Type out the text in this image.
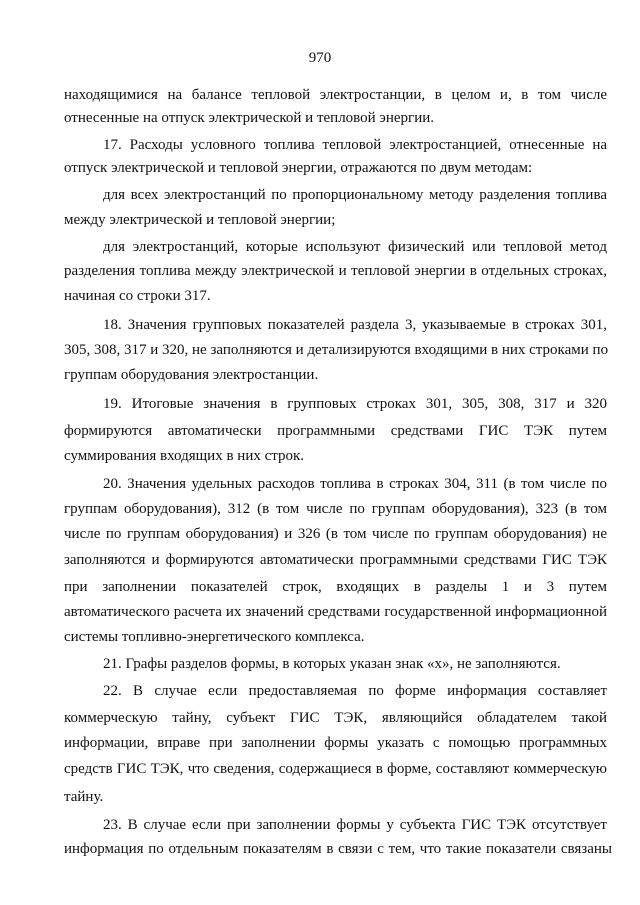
970

находящимися на балансе тепловой электростанции, в целом и, в том числе

отнесенные на отпуск электрической и тепловой энергии.

17. Расходы условного топлива тепловой электростанцией, отнесенные на

отпуск электрической и тепловой энергии, отражаются по двум методам:

для всех электростанций по пропорциональному методу разделения топлива

между электрической и тепловой энергии;

для электростанций, которые используют физический или тепловой метод

разделения топлива между электрической и тепловой энергии в отдельных строках,

начиная со строки 317.

18. Значения групповых показателей раздела 3, указываемые в строках 301,

305, 308, 317 и 320, не заполняются и детализируются входящими в них строками по

группам оборудования электростанции.

19. Итоговые значения в групповых строках 301, 305, 308, 317 и 320

формируются автоматически программными средствами ГИС ТЭК путем

суммирования входящих в них строк.

20. Значения удельных расходов топлива в строках 304, 311 (в том числе по

группам оборудования), 312 (в том числе по группам оборудования), 323 (в том

числе по группам оборудования) и 326 (в том числе по группам оборудования) не

заполняются и формируются автоматически программными средствами ГИС ТЭК

при заполнении показателей строк, входящих в разделы 1 и 3 путем

автоматического расчета их значений средствами государственной информационной

системы топливно-энергетического комплекса.

21. Графы разделов формы, в которых указан знак «х», не заполняются.

22. В случае если предоставляемая по форме информация составляет

коммерческую тайну, субъект ГИС ТЭК, являющийся обладателем такой

информации, вправе при заполнении формы указать с помощью программных

средств ГИС ТЭК, что сведения, содержащиеся в форме, составляют коммерческую

тайну.

23. В случае если при заполнении формы у субъекта ГИС ТЭК отсутствует

информация по отдельным показателям в связи с тем, что такие показатели связаны
